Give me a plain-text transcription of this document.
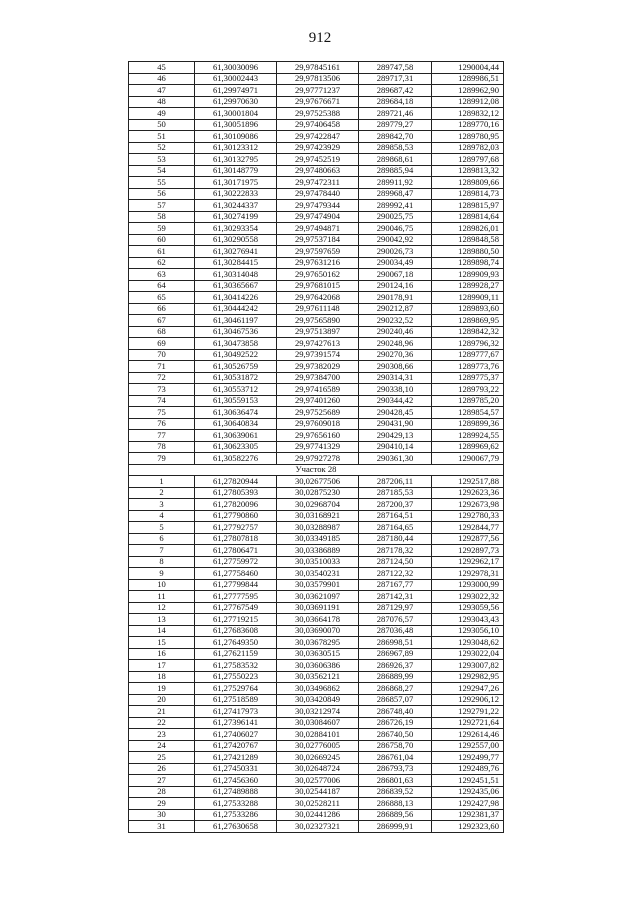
912
45	61,30030096	29,97845161	289747,58	1290004,44
46	61,30002443	29,97813506	289717,31	1289986,51
47	61,29974971	29,97771237	289687,42	1289962,90
48	61,29970630	29,97676671	289684,18	1289912,08
49	61,30001804	29,97525388	289721,46	1289832,12
50	61,30051896	29,97406458	289779,27	1289770,16
51	61,30109086	29,97422847	289842,70	1289780,95
52	61,30123312	29,97423929	289858,53	1289782,03
53	61,30132795	29,97452519	289868,61	1289797,68
54	61,30148779	29,97480663	289885,94	1289813,32
55	61,30171975	29,97472311	289911,92	1289809,66
56	61,30222833	29,97478440	289968,47	1289814,73
57	61,30244337	29,97479344	289992,41	1289815,97
58	61,30274199	29,97474904	290025,75	1289814,64
59	61,30293354	29,97494871	290046,75	1289826,01
60	61,30290558	29,97537184	290042,92	1289848,58
61	61,30276941	29,97597659	290026,73	1289880,50
62	61,30284415	29,97631216	290034,49	1289898,74
63	61,30314048	29,97650162	290067,18	1289909,93
64	61,30365667	29,97681015	290124,16	1289928,27
65	61,30414226	29,97642068	290178,91	1289909,11
66	61,30444242	29,97611148	290212,87	1289893,60
67	61,30461197	29,97565890	290232,52	1289869,95
68	61,30467536	29,97513897	290240,46	1289842,32
69	61,30473858	29,97427613	290248,96	1289796,32
70	61,30492522	29,97391574	290270,36	1289777,67
71	61,30526759	29,97382029	290308,66	1289773,76
72	61,30531872	29,97384700	290314,31	1289775,37
73	61,30553712	29,97416589	290338,10	1289793,22
74	61,30559153	29,97401260	290344,42	1289785,20
75	61,30636474	29,97525689	290428,45	1289854,57
76	61,30640834	29,97609018	290431,90	1289899,36
77	61,30639061	29,97656160	290429,13	1289924,55
78	61,30623305	29,97741329	290410,14	1289969,62
79	61,30582276	29,97927278	290361,30	1290067,79
Участок 28				
1	61,27820944	30,02677506	287206,11	1292517,88
2	61,27805393	30,02875230	287185,53	1292623,36
3	61,27820096	30,02968704	287200,37	1292673,98
4	61,27790860	30,03168921	287164,51	1292780,33
5	61,27792757	30,03288987	287164,65	1292844,77
6	61,27807818	30,03349185	287180,44	1292877,56
7	61,27806471	30,03386889	287178,32	1292897,73
8	61,27759972	30,03510033	287124,50	1292962,17
9	61,27758460	30,03540231	287122,32	1292978,31
10	61,27799844	30,03579901	287167,77	1293000,99
11	61,27777595	30,03621097	287142,31	1293022,32
12	61,27767549	30,03691191	287129,97	1293059,56
13	61,27719215	30,03664178	287076,57	1293043,43
14	61,27683608	30,03690070	287036,48	1293056,10
15	61,27649350	30,03678295	286998,51	1293048,62
16	61,27621159	30,03630515	286967,89	1293022,04
17	61,27583532	30,03606386	286926,37	1293007,82
18	61,27550223	30,03562121	286889,99	1292982,95
19	61,27529764	30,03496862	286868,27	1292947,26
20	61,27518589	30,03420849	286857,07	1292906,12
21	61,27417973	30,03212974	286748,40	1292791,22
22	61,27396141	30,03084607	286726,19	1292721,64
23	61,27406027	30,02884101	286740,50	1292614,46
24	61,27420767	30,02776005	286758,70	1292557,00
25	61,27421289	30,02669245	286761,04	1292499,77
26	61,27450331	30,02648724	286793,73	1292489,76
27	61,27456360	30,02577006	286801,63	1292451,51
28	61,27489888	30,02544187	286839,52	1292435,06
29	61,27533288	30,02528211	286888,13	1292427,98
30	61,27533286	30,02441286	286889,56	1292381,37
31	61,27630658	30,02327321	286999,91	1292323,60
